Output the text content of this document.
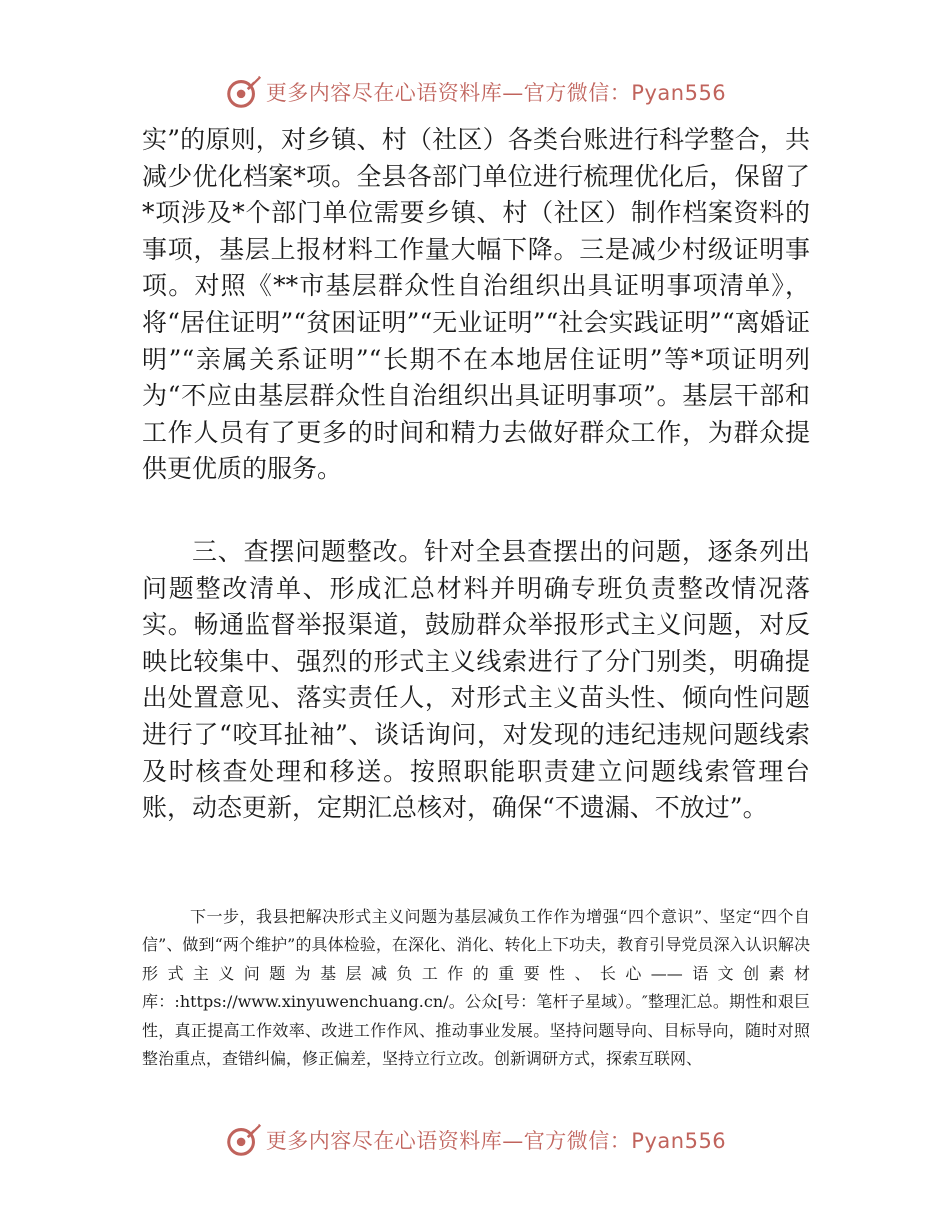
更多内容尽在心语资料库—官方微信：Pyan556

实”的原则，对乡镇、村（社区）各类台账进行科学整合，共减少优化档案*项。全县各部门单位进行梳理优化后，保留了*项涉及*个部门单位需要乡镇、村（社区）制作档案资料的事项，基层上报材料工作量大幅下降。三是减少村级证明事项。对照《**市基层群众性自治组织出具证明事项清单》，将“居住证明”“贫困证明”“无业证明”“社会实践证明”“离婚证明”“亲属关系证明”“长期不在本地居住证明”等*项证明列为“不应由基层群众性自治组织出具证明事项”。基层干部和工作人员有了更多的时间和精力去做好群众工作，为群众提供更优质的服务。

三、查摆问题整改。针对全县查摆出的问题，逐条列出问题整改清单、形成汇总材料并明确专班负责整改情况落实。畅通监督举报渠道，鼓励群众举报形式主义问题，对反映比较集中、强烈的形式主义线索进行了分门别类，明确提出处置意见、落实责任人，对形式主义苗头性、倾向性问题进行了“咬耳扯袖”、谈话询问，对发现的违纪违规问题线索及时核查处理和移送。按照职能职责建立问题线索管理台账，动态更新，定期汇总核对，确保“不遗漏、不放过”。

下一步，我县把解决形式主义问题为基层减负工作作为增强“四个意识”、坚定“四个自信”、做到“两个维护”的具体检验，在深化、消化、转化上下功夫，教育引导党员深入认识解决形式主义问题为基层减负工作的重要性、长心——语文创素材库：:https://www.xinyuwenchuang.cn/。公众[号：笔杆子星域）。″整理汇总。期性和艰巨性，真正提高工作效率、改进工作作风、推动事业发展。坚持问题导向、目标导向，随时对照整治重点，查错纠偏，修正偏差，坚持立行立改。创新调研方式，探索互联网、

更多内容尽在心语资料库—官方微信：Pyan556
